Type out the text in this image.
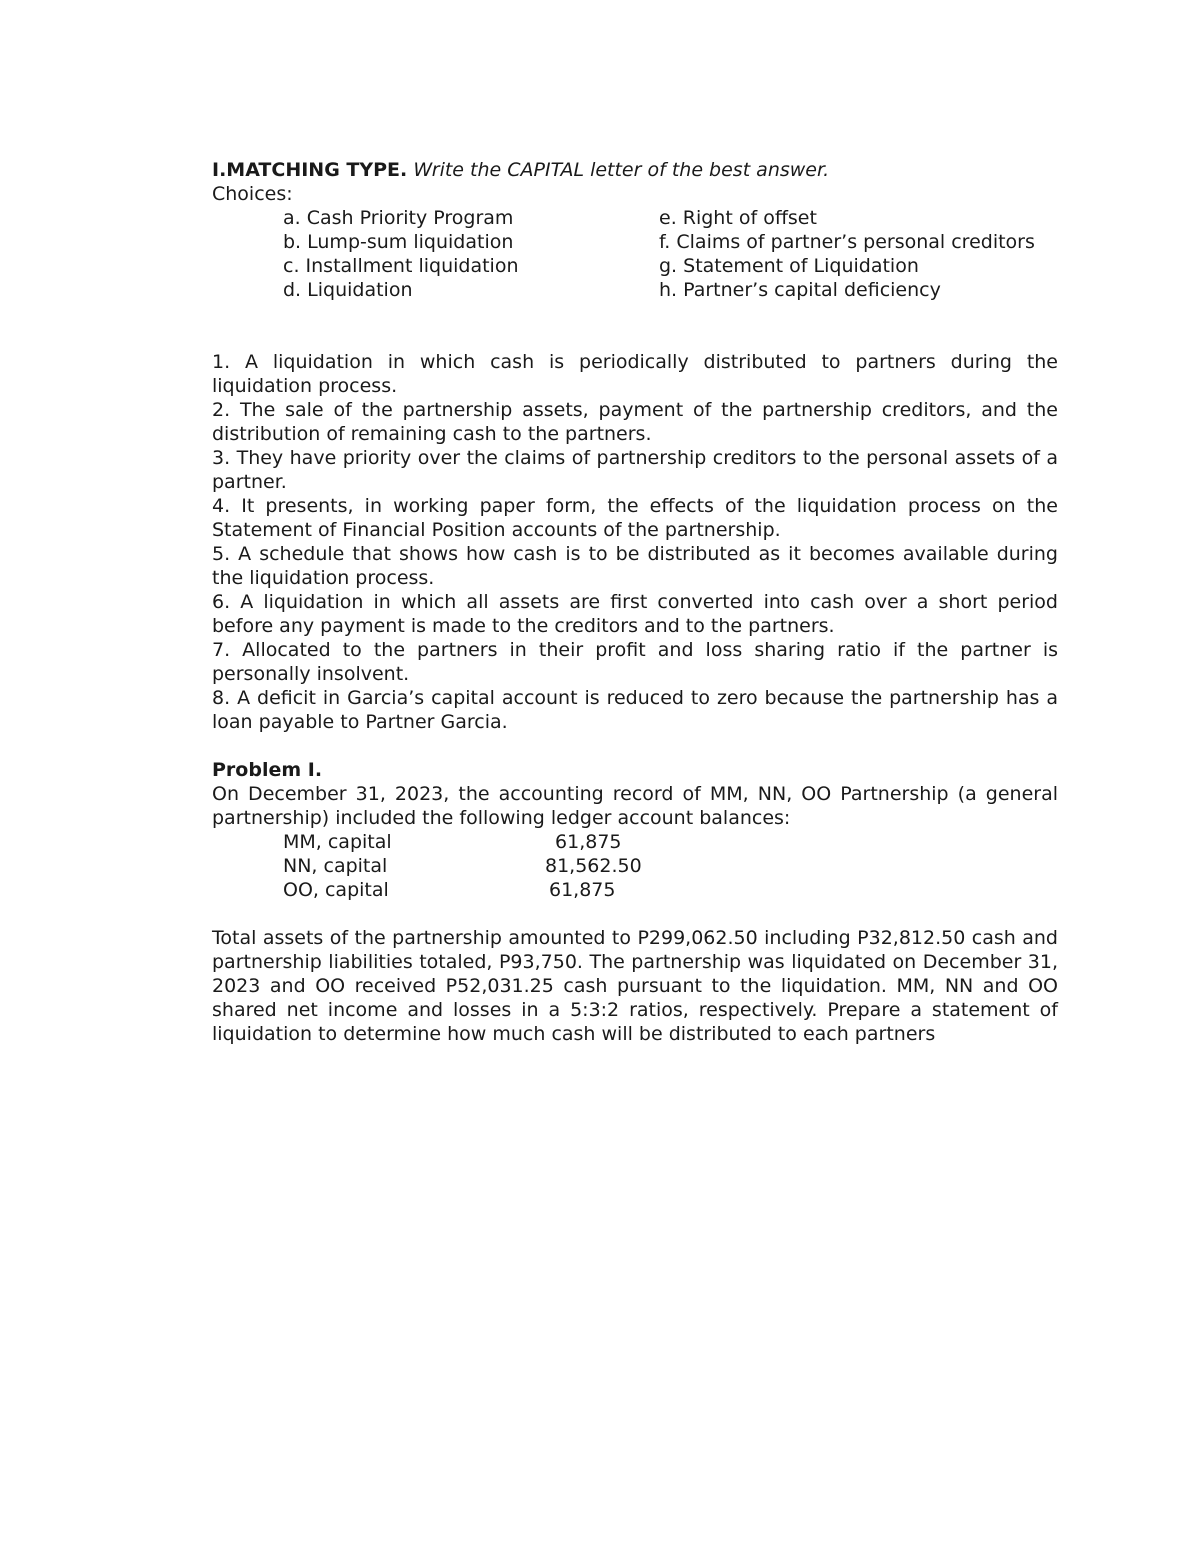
I.MATCHING TYPE. Write the CAPITAL letter of the best answer.
Choices:
a. Cash Priority Program	e. Right of offset
b. Lump-sum liquidation	f. Claims of partner’s personal creditors
c. Installment liquidation	g. Statement of Liquidation
d. Liquidation	h. Partner’s capital deficiency
1. A liquidation in which cash is periodically distributed to partners during the liquidation process.
2. The sale of the partnership assets, payment of the partnership creditors, and the distribution of remaining cash to the partners.
3. They have priority over the claims of partnership creditors to the personal assets of a partner.
4. It presents, in working paper form, the effects of the liquidation process on the Statement of Financial Position accounts of the partnership.
5. A schedule that shows how cash is to be distributed as it becomes available during the liquidation process.
6. A liquidation in which all assets are first converted into cash over a short period before any payment is made to the creditors and to the partners.
7. Allocated to the partners in their profit and loss sharing ratio if the partner is personally insolvent.
8. A deficit in Garcia’s capital account is reduced to zero because the partnership has a loan payable to Partner Garcia.
Problem I.
On December 31, 2023, the accounting record of MM, NN, OO Partnership (a general partnership) included the following ledger account balances:
MM, capital	61,875
NN, capital	81,562.50
OO, capital	61,875
Total assets of the partnership amounted to P299,062.50 including P32,812.50 cash and partnership liabilities totaled, P93,750. The partnership was liquidated on December 31, 2023 and OO received P52,031.25 cash pursuant to the liquidation. MM, NN and OO shared net income and losses in a 5:3:2 ratios, respectively. Prepare a statement of liquidation to determine how much cash will be distributed to each partners
